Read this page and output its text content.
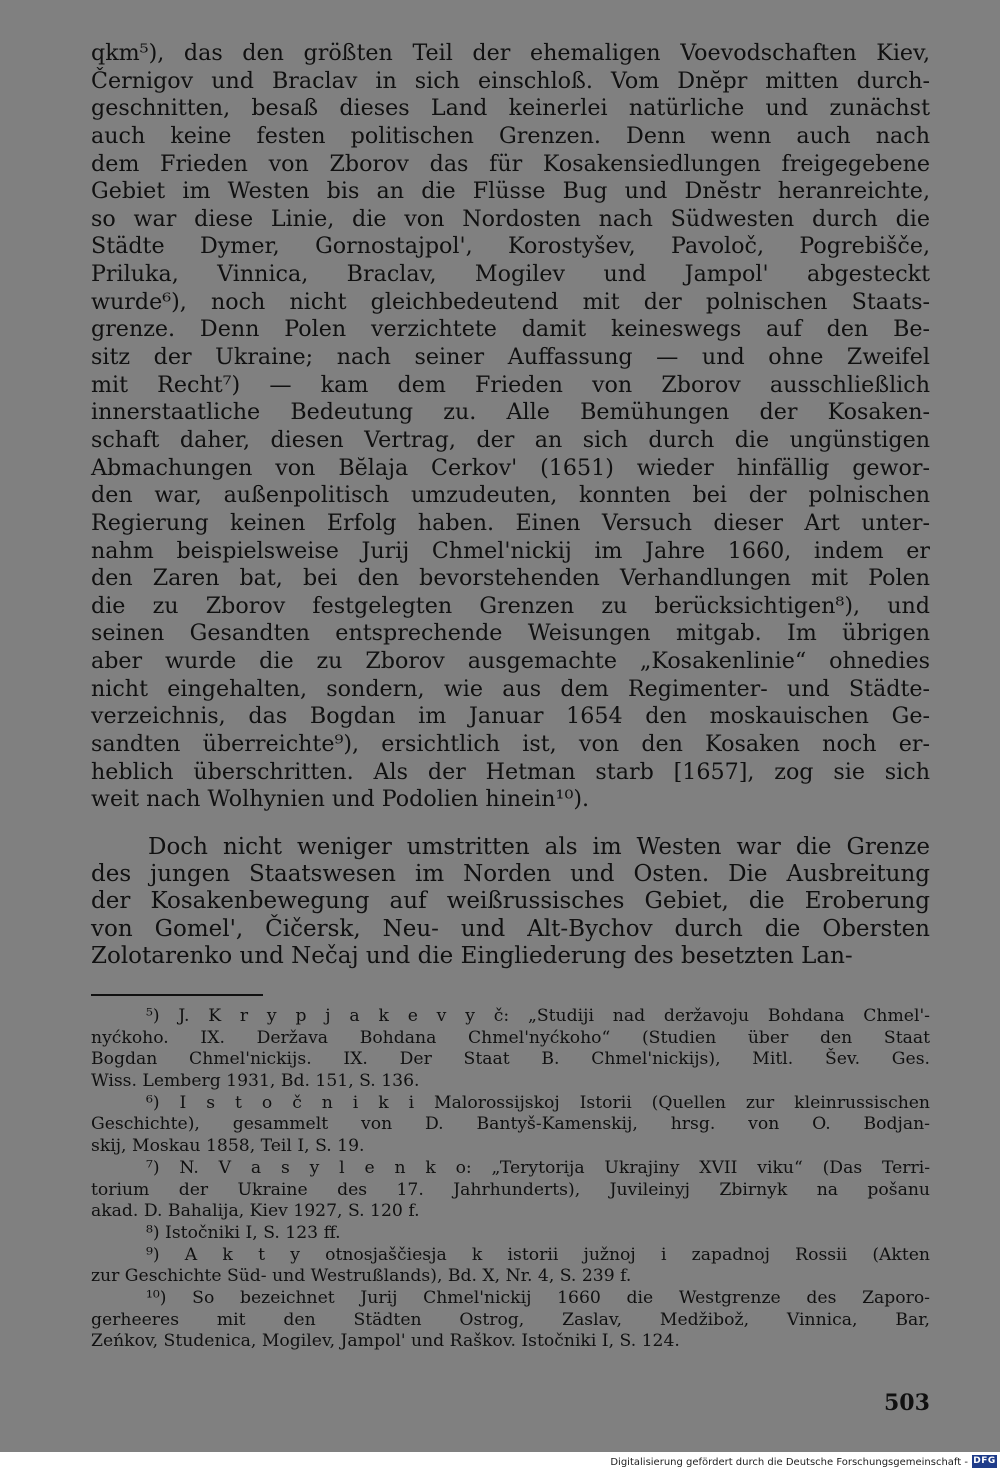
qkm⁵), das den größten Teil der ehemaligen Voevodschaften Kiev,
Černigov und Braclav in sich einschloß. Vom Dnĕpr mitten durch-
geschnitten, besaß dieses Land keinerlei natürliche und zunächst
auch keine festen politischen Grenzen. Denn wenn auch nach
dem Frieden von Zborov das für Kosakensiedlungen freigegebene
Gebiet im Westen bis an die Flüsse Bug und Dnĕstr heranreichte,
so war diese Linie, die von Nordosten nach Südwesten durch die
Städte Dymer, Gornostajpol', Korostyšev, Pavoloč, Pogrebišče,
Priluka, Vinnica, Braclav, Mogilev und Jampol' abgesteckt
wurde⁶), noch nicht gleichbedeutend mit der polnischen Staats-
grenze. Denn Polen verzichtete damit keineswegs auf den Be-
sitz der Ukraine; nach seiner Auffassung — und ohne Zweifel
mit Recht⁷) — kam dem Frieden von Zborov ausschließlich
innerstaatliche Bedeutung zu. Alle Bemühungen der Kosaken-
schaft daher, diesen Vertrag, der an sich durch die ungünstigen
Abmachungen von Bĕlaja Cerkov' (1651) wieder hinfällig gewor-
den war, außenpolitisch umzudeuten, konnten bei der polnischen
Regierung keinen Erfolg haben. Einen Versuch dieser Art unter-
nahm beispielsweise Jurij Chmel'nickij im Jahre 1660, indem er
den Zaren bat, bei den bevorstehenden Verhandlungen mit Polen
die zu Zborov festgelegten Grenzen zu berücksichtigen⁸), und
seinen Gesandten entsprechende Weisungen mitgab. Im übrigen
aber wurde die zu Zborov ausgemachte „Kosakenlinie“ ohnedies
nicht eingehalten, sondern, wie aus dem Regimenter- und Städte-
verzeichnis, das Bogdan im Januar 1654 den moskauischen Ge-
sandten überreichte⁹), ersichtlich ist, von den Kosaken noch er-
heblich überschritten. Als der Hetman starb [1657], zog sie sich
weit nach Wolhynien und Podolien hinein¹⁰).
Doch nicht weniger umstritten als im Westen war die Grenze
des jungen Staatswesen im Norden und Osten. Die Ausbreitung
der Kosakenbewegung auf weißrussisches Gebiet, die Eroberung
von Gomel', Čičersk, Neu- und Alt-Bychov durch die Obersten
Zolotarenko und Nečaj und die Eingliederung des besetzten Lan-
⁵) J. K r y p j a k e v y č: „Studiji nad deržavoju Bohdana Chmel'-
nyćkoho. IX. Deržava Bohdana Chmel'nyćkoho“ (Studien über den Staat
Bogdan Chmel'nickijs. IX. Der Staat B. Chmel'nickijs), Mitl. Šev. Ges.
Wiss. Lemberg 1931, Bd. 151, S. 136.
⁶) I s t o č n i k i Malorossijskoj Istorii (Quellen zur kleinrussischen
Geschichte), gesammelt von D. Bantyš-Kamenskij, hrsg. von O. Bodjan-
skij, Moskau 1858, Teil I, S. 19.
⁷) N. V a s y l e n k o: „Terytorija Ukrajiny XVII viku“ (Das Terri-
torium der Ukraine des 17. Jahrhunderts), Juvileinyj Zbirnyk na pošanu
akad. D. Bahalija, Kiev 1927, S. 120 f.
⁸) Istočniki I, S. 123 ff.
⁹) A k t y otnosjaščiesja k istorii južnoj i zapadnoj Rossii (Akten
zur Geschichte Süd- und Westrußlands), Bd. X, Nr. 4, S. 239 f.
¹⁰) So bezeichnet Jurij Chmel'nickij 1660 die Westgrenze des Zaporo-
gerheeres mit den Städten Ostrog, Zaslav, Medžibož, Vinnica, Bar,
Zeńkov, Studenica, Mogilev, Jampol' und Raškov. Istočniki I, S. 124.
503
Digitalisierung gefördert durch die Deutsche Forschungsgemeinschaft - DFG
